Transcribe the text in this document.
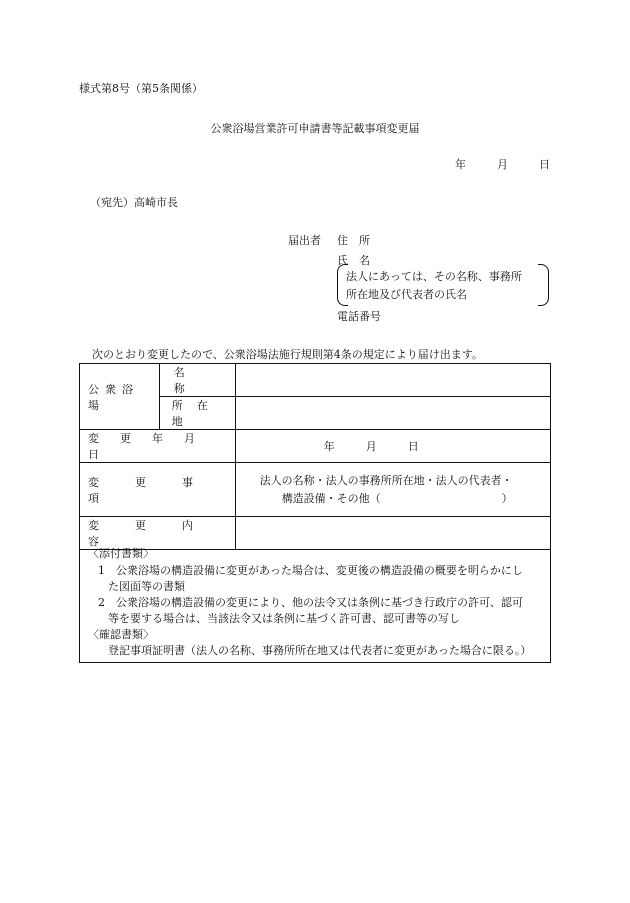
様式第8号（第5条関係）
公衆浴場営業許可申請書等記載事項変更届
年	月	日
（宛先）高崎市長
届出者 住　所
氏　名
法人にあっては、その名称、事務所
所在地及び代表者の氏名
電話番号
次のとおり変更したので、公衆浴場法施行規則第4条の規定により届け出ます。
公衆浴場	名称	

	所在地	

変更年月日		年 月 日

変更事項		法人の名称・法人の事務所所在地・法人の代表者・
構造設備・その他（　　　　　　　　　　　）

変更内容		

〈添付書類〉
1　公衆浴場の構造設備に変更があった場合は、変更後の構造設備の概要を明らかにし
た図面等の書類
2　公衆浴場の構造設備の変更により、他の法令又は条例に基づき行政庁の許可、認可
等を要する場合は、当該法令又は条例に基づく許可書、認可書等の写し
〈確認書類〉
登記事項証明書（法人の名称、事務所所在地又は代表者に変更があった場合に限る。）
